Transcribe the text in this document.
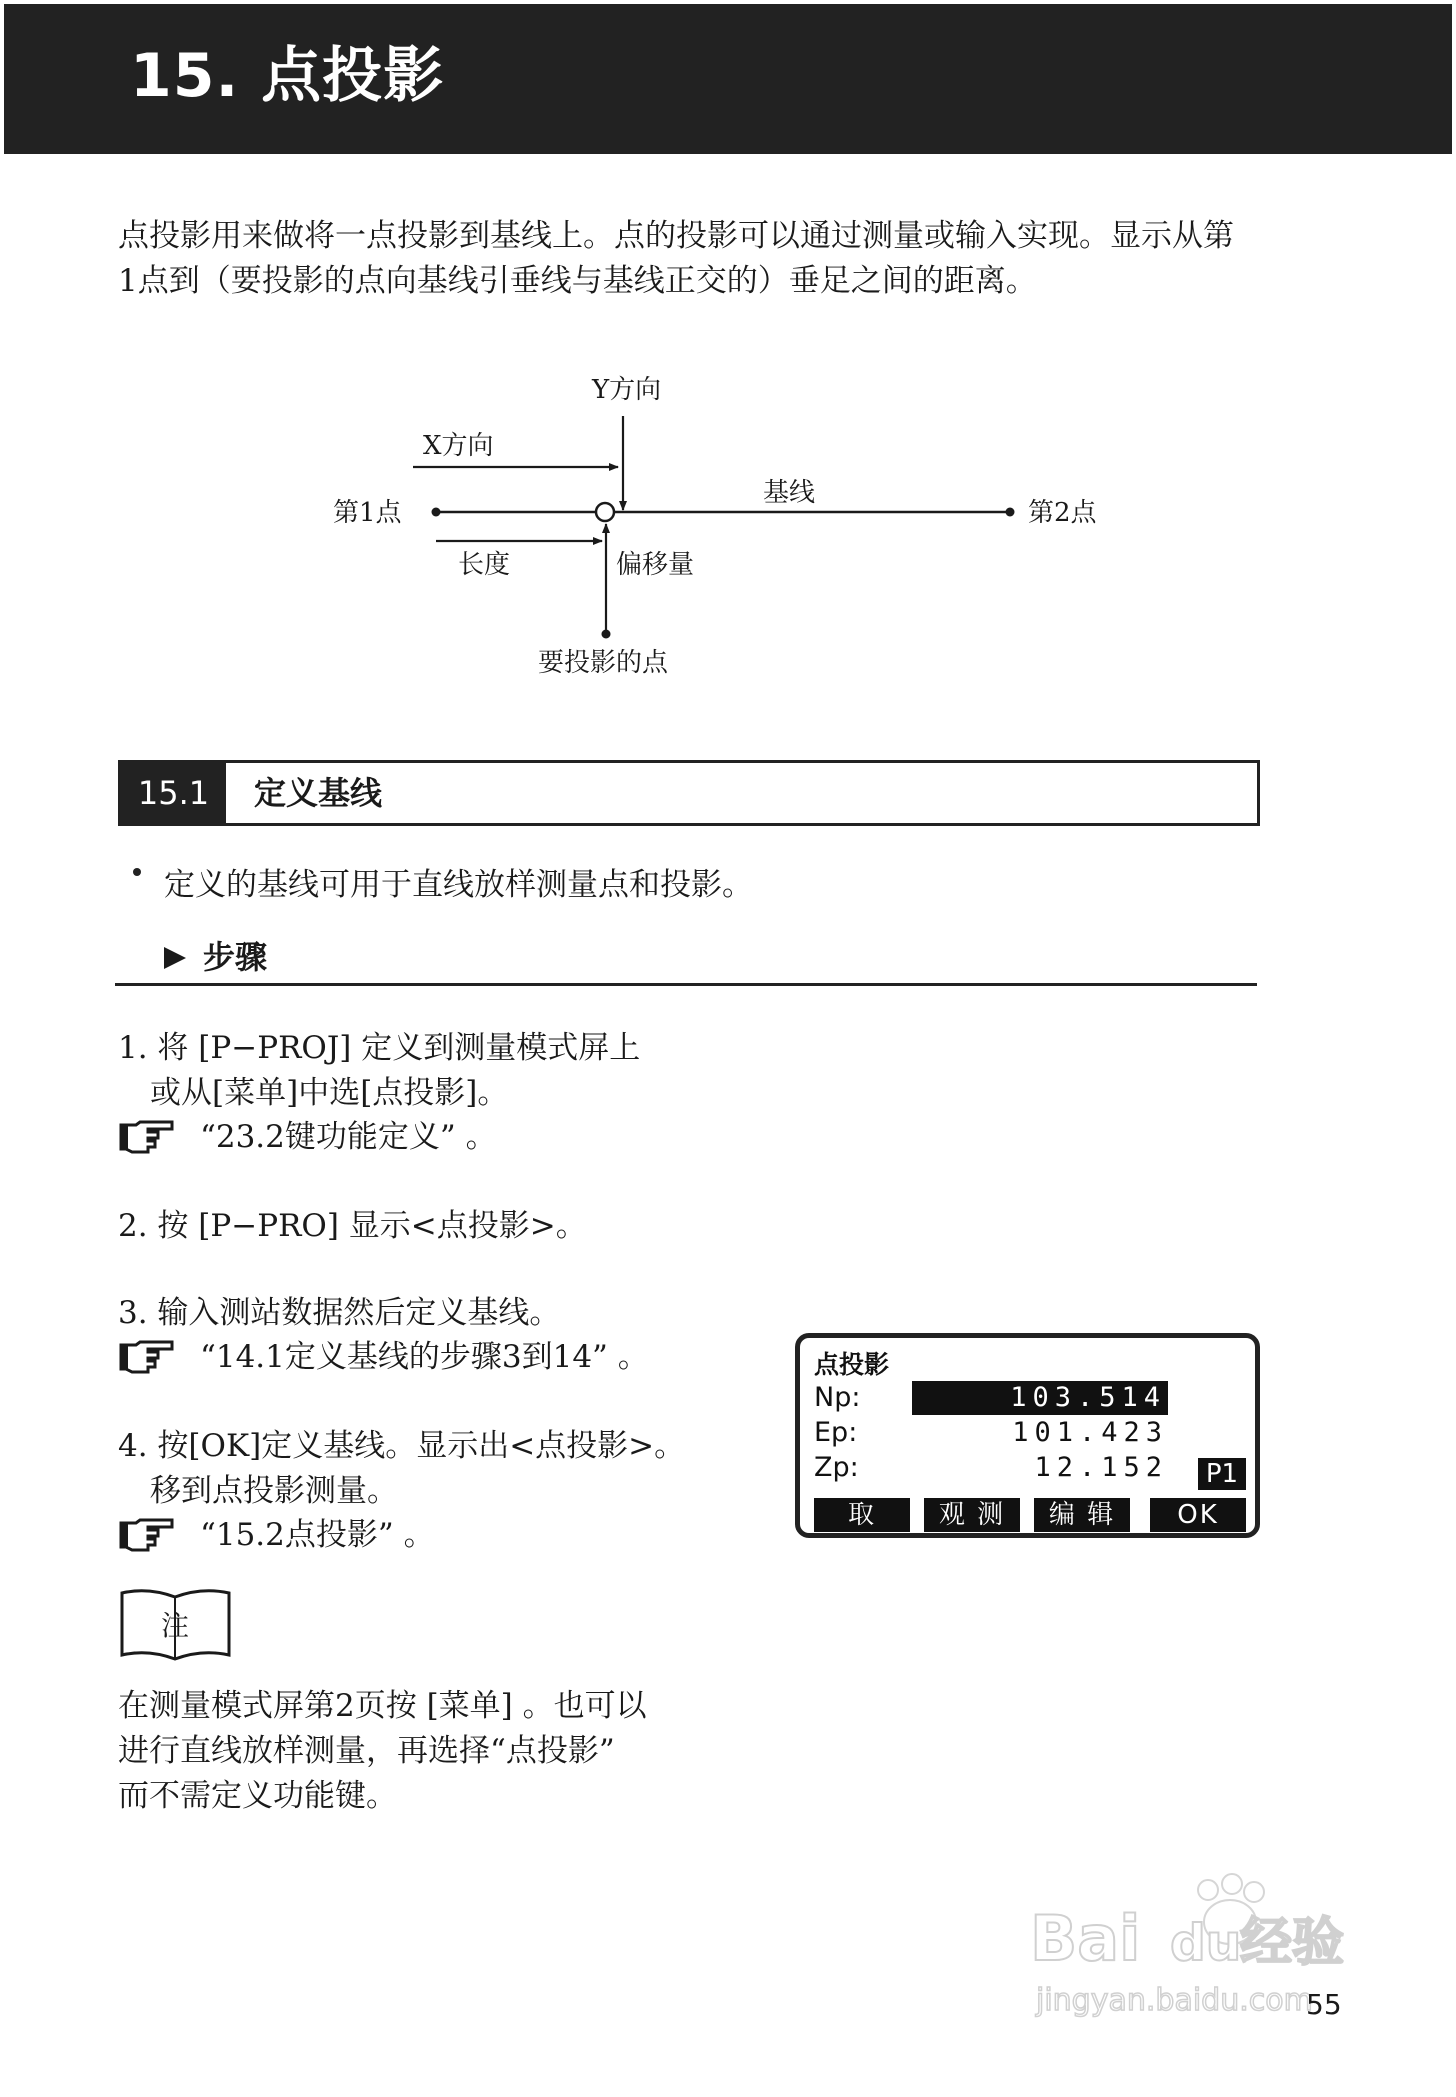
15. 点投影
点投影用来做将一点投影到基线上。点的投影可以通过测量或输入实现。显示从第
1点到（要投影的点向基线引垂线与基线正交的）垂足之间的距离。
Y方向
X方向
基线
第1点	第2点
长度	偏移量
要投影的点
15.1	定义基线
定义的基线可用于直线放样测量点和投影。
步骤
1. 将 [P−PROJ] 定义到测量模式屏上
或从[菜单]中选[点投影]。
“23.2键功能定义” 。
2. 按 [P−PRO] 显示<点投影>。
3. 输入测站数据然后定义基线。
“14.1定义基线的步骤3到14” 。
4. 按[OK]定义基线。显示出<点投影>。
移到点投影测量。
“15.2点投影” 。
点投影
Np:	103.514
Ep:	101.423
Zp:	12.152	P1
取DATA
观 测	编 辑	OK
注
在测量模式屏第2页按 [菜单] 。也可以
进行直线放样测量，再选择“点投影”
而不需定义功能键。
Bai du
经验
jingyan.baidu.com
55
